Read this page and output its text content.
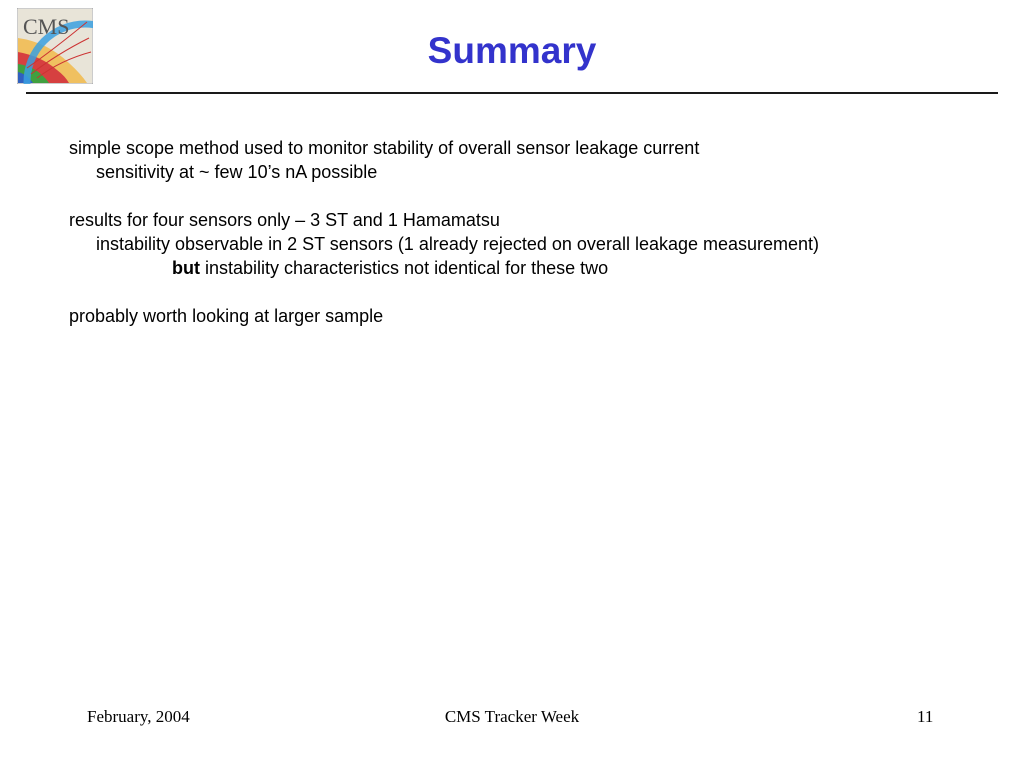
CMS
Summary
simple scope method used to monitor stability of overall sensor leakage current
sensitivity at ~ few 10’s nA possible
results for four sensors only – 3 ST and 1 Hamamatsu
instability observable in 2 ST sensors (1 already rejected on overall leakage measurement)
but instability characteristics not identical for these two
probably worth looking at larger sample
February, 2004	CMS Tracker Week	11
